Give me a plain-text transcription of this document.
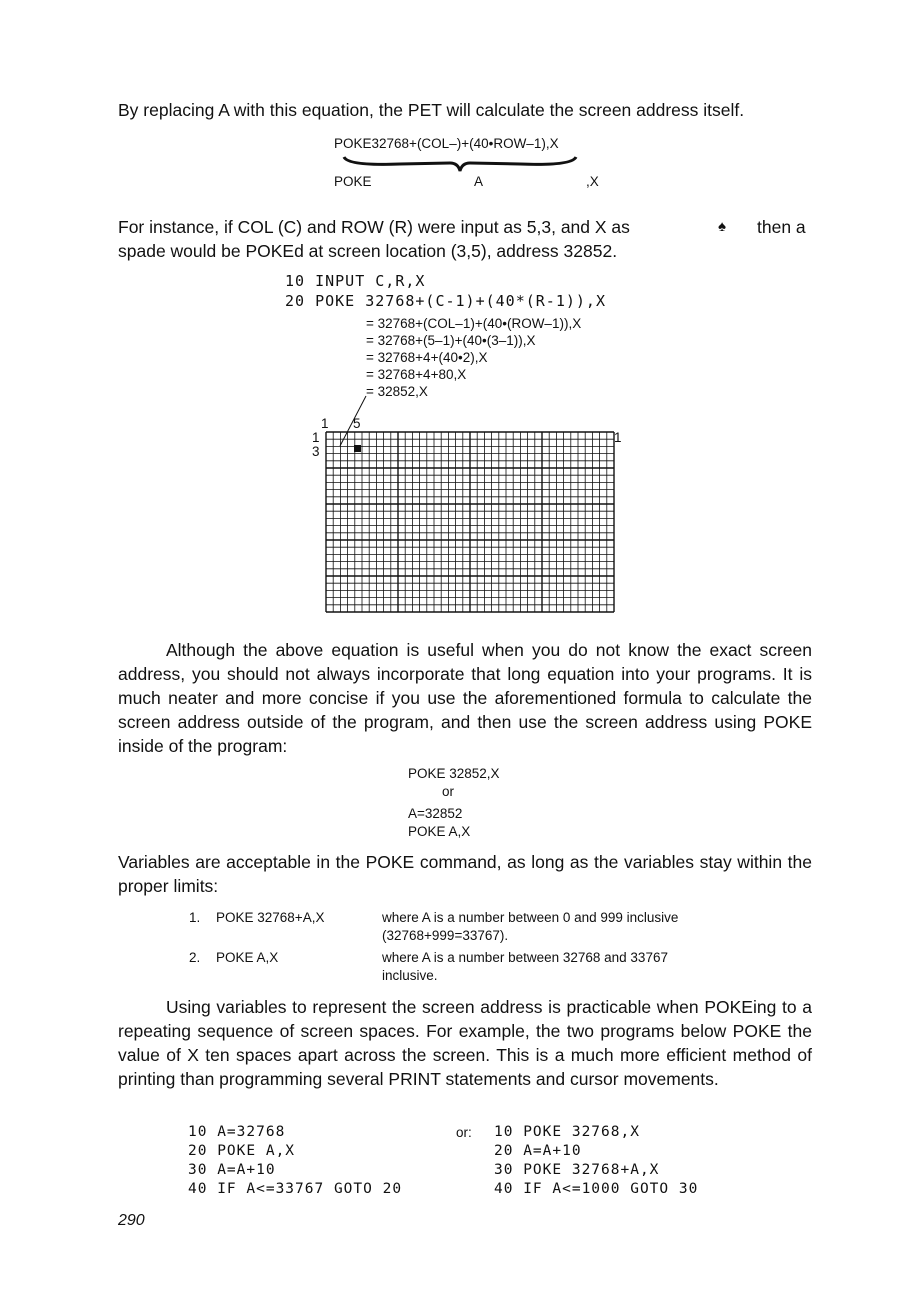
By replacing A with this equation, the PET will calculate the screen address itself.
POKE32768+(COL–)+(40•ROW–1),X
POKE	A	,X
For instance, if COL (C) and ROW (R) were input as 5,3, and X as	♠ then a
spade would be POKEd at screen location (3,5), address 32852.
10 INPUT C,R,X
20 POKE 32768+(C-1)+(40*(R-1)),X
= 32768+(COL–1)+(40•(ROW–1)),X
= 32768+(5–1)+(40•(3–1)),X
= 32768+4+(40•2),X
= 32768+4+80,X
= 32852,X
1 5
1
3
1
Although the above equation is useful when you do not know the exact screen address, you should not always incorporate that long equation into your programs. It is much neater and more concise if you use the aforementioned formula to calculate the screen address outside of the program, and then use the screen address using POKE inside of the program:
POKE 32852,X
or
A=32852
POKE A,X
Variables are acceptable in the POKE command, as long as the variables stay within the proper limits:
1. POKE 32768+A,X	where A is a number between 0 and 999 inclusive
(32768+999=33767).
2. POKE A,X	where A is a number between 32768 and 33767
inclusive.
Using variables to represent the screen address is practicable when POKEing to a repeating sequence of screen spaces. For example, the two programs below POKE the value of X ten spaces apart across the screen. This is a much more efficient method of printing than programming several PRINT statements and cursor movements.
10 A=32768
20 POKE A,X
30 A=A+10
40 IF A<=33767 GOTO 20
or: 10 POKE 32768,X
20 A=A+10
30 POKE 32768+A,X
40 IF A<=1000 GOTO 30
290
